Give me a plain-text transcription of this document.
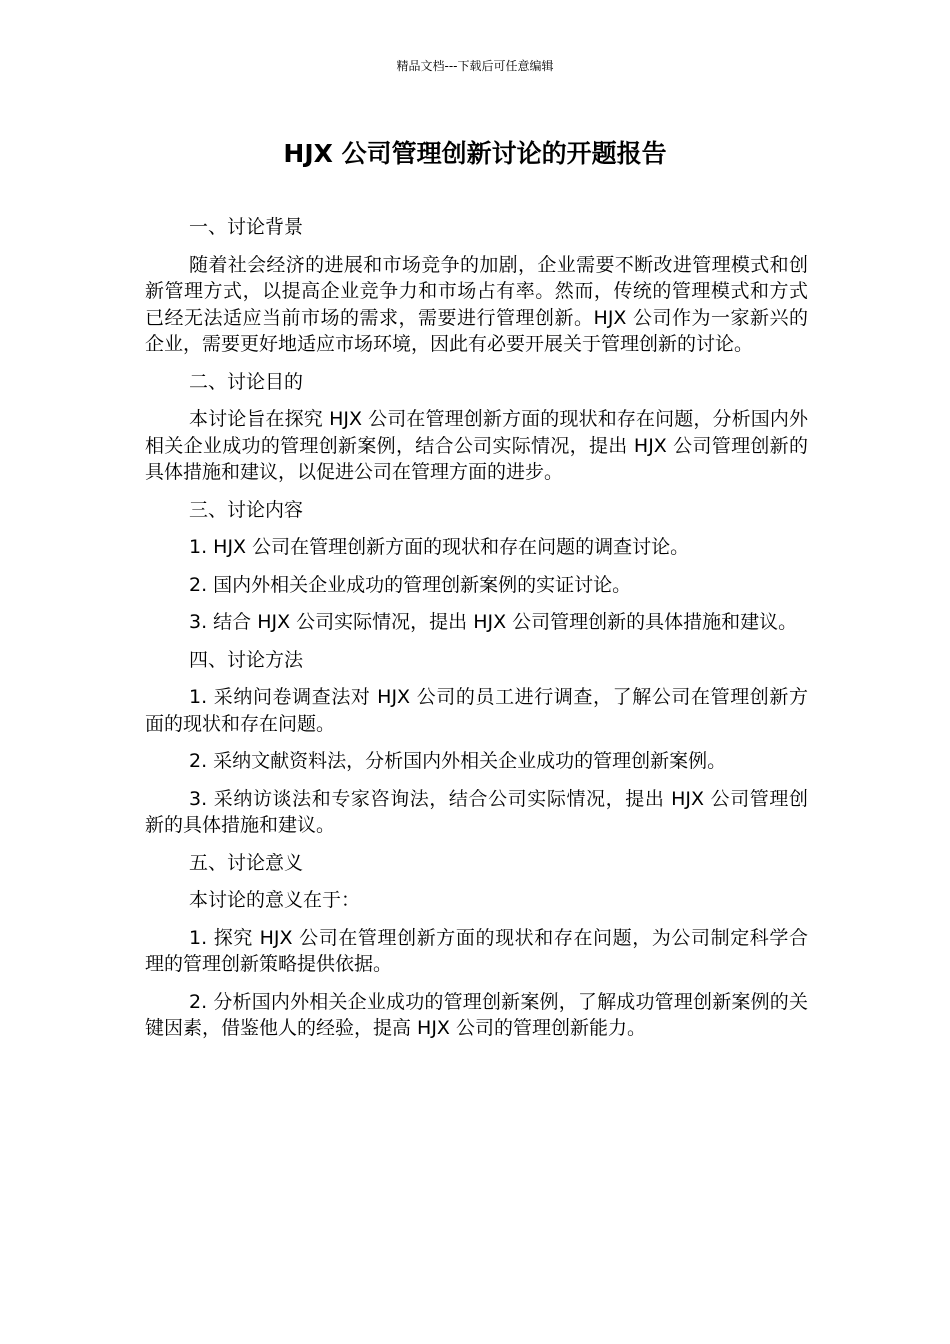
精品文档---下载后可任意编辑
HJX 公司管理创新讨论的开题报告

一、讨论背景

随着社会经济的进展和市场竞争的加剧，企业需要不断改进管理模式和创新管理方式，以提高企业竞争力和市场占有率。然而，传统的管理模式和方式已经无法适应当前市场的需求，需要进行管理创新。HJX 公司作为一家新兴的企业，需要更好地适应市场环境，因此有必要开展关于管理创新的讨论。

二、讨论目的

本讨论旨在探究 HJX 公司在管理创新方面的现状和存在问题，分析国内外相关企业成功的管理创新案例，结合公司实际情况，提出 HJX 公司管理创新的具体措施和建议，以促进公司在管理方面的进步。

三、讨论内容

1. HJX 公司在管理创新方面的现状和存在问题的调查讨论。

2. 国内外相关企业成功的管理创新案例的实证讨论。

3. 结合 HJX 公司实际情况，提出 HJX 公司管理创新的具体措施和建议。

四、讨论方法

1. 采纳问卷调查法对 HJX 公司的员工进行调查，了解公司在管理创新方面的现状和存在问题。

2. 采纳文献资料法，分析国内外相关企业成功的管理创新案例。

3. 采纳访谈法和专家咨询法，结合公司实际情况，提出 HJX 公司管理创新的具体措施和建议。

五、讨论意义

本讨论的意义在于：

1. 探究 HJX 公司在管理创新方面的现状和存在问题，为公司制定科学合理的管理创新策略提供依据。

2. 分析国内外相关企业成功的管理创新案例，了解成功管理创新案例的关键因素，借鉴他人的经验，提高 HJX 公司的管理创新能力。
